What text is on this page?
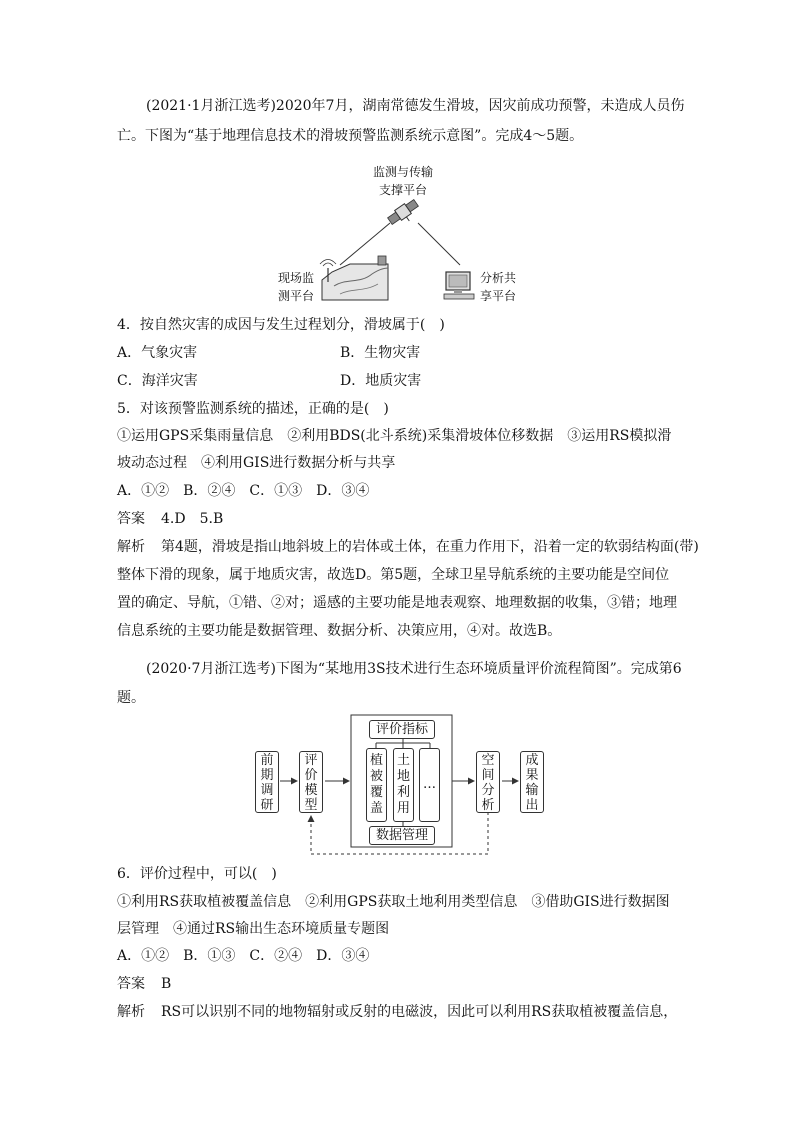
(2021·1月浙江选考)2020年7月，湖南常德发生滑坡，因灾前成功预警，未造成人员伤
亡。下图为“基于地理信息技术的滑坡预警监测系统示意图”。完成4～5题。
监测与传输
支撑平台
现场监
测平台
分析共
享平台
4．按自然灾害的成因与发生过程划分，滑坡属于(　)
A．气象灾害	B．生物灾害
C．海洋灾害	D．地质灾害
5．对该预警监测系统的描述，正确的是(　)
①运用GPS采集雨量信息　②利用BDS(北斗系统)采集滑坡体位移数据　③运用RS模拟滑
坡动态过程　④利用GIS进行数据分析与共享
A．①②　B．②④　C．①③　D．③④
答案 4.D　5.B
解析 第4题，滑坡是指山地斜坡上的岩体或土体，在重力作用下，沿着一定的软弱结构面(带)
整体下滑的现象，属于地质灾害，故选D。第5题，全球卫星导航系统的主要功能是空间位
置的确定、导航，①错、②对；遥感的主要功能是地表观察、地理数据的收集，③错；地理
信息系统的主要功能是数据管理、数据分析、决策应用，④对。故选B。
(2020·7月浙江选考)下图为“某地用3S技术进行生态环境质量评价流程简图”。完成第6
题。
前
期
调
研
评
价
模
型
评价指标
植
被
覆
盖
土
地
利
用
…
数据管理
空
间
分
析
成
果
输
出
6．评价过程中，可以(　)
①利用RS获取植被覆盖信息　②利用GPS获取土地利用类型信息　③借助GIS进行数据图
层管理　④通过RS输出生态环境质量专题图
A．①②　B．①③　C．②④　D．③④
答案 B
解析 RS可以识别不同的地物辐射或反射的电磁波，因此可以利用RS获取植被覆盖信息，
